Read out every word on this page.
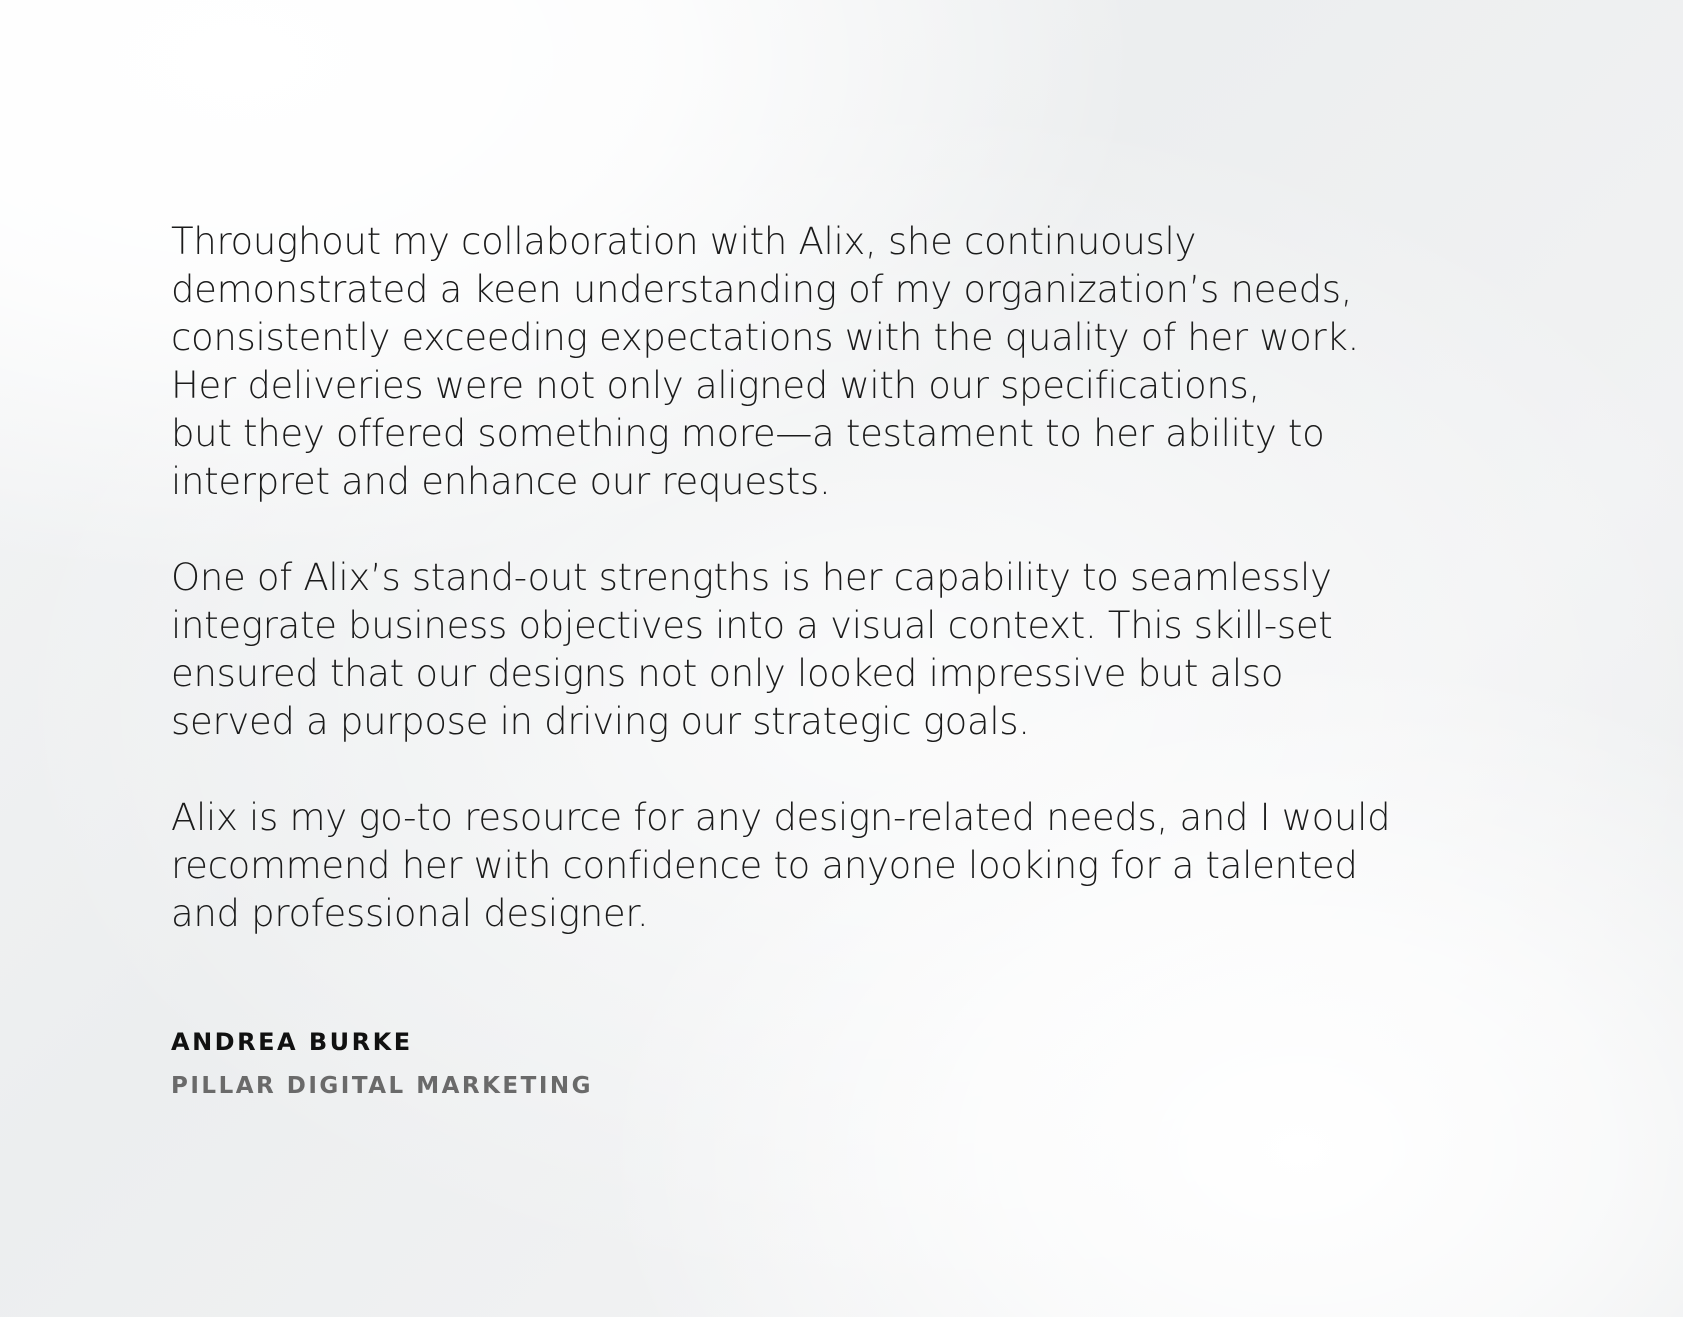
Throughout my collaboration with Alix, she continuously
demonstrated a keen understanding of my organization’s needs,
consistently exceeding expectations with the quality of her work.
Her deliveries were not only aligned with our specifications,
but they offered something more—a testament to her ability to
interpret and enhance our requests.

One of Alix’s stand-out strengths is her capability to seamlessly
integrate business objectives into a visual context. This skill-set
ensured that our designs not only looked impressive but also
served a purpose in driving our strategic goals.

Alix is my go-to resource for any design-related needs, and I would
recommend her with confidence to anyone looking for a talented
and professional designer.

ANDREA BURKE

PILLAR DIGITAL MARKETING
